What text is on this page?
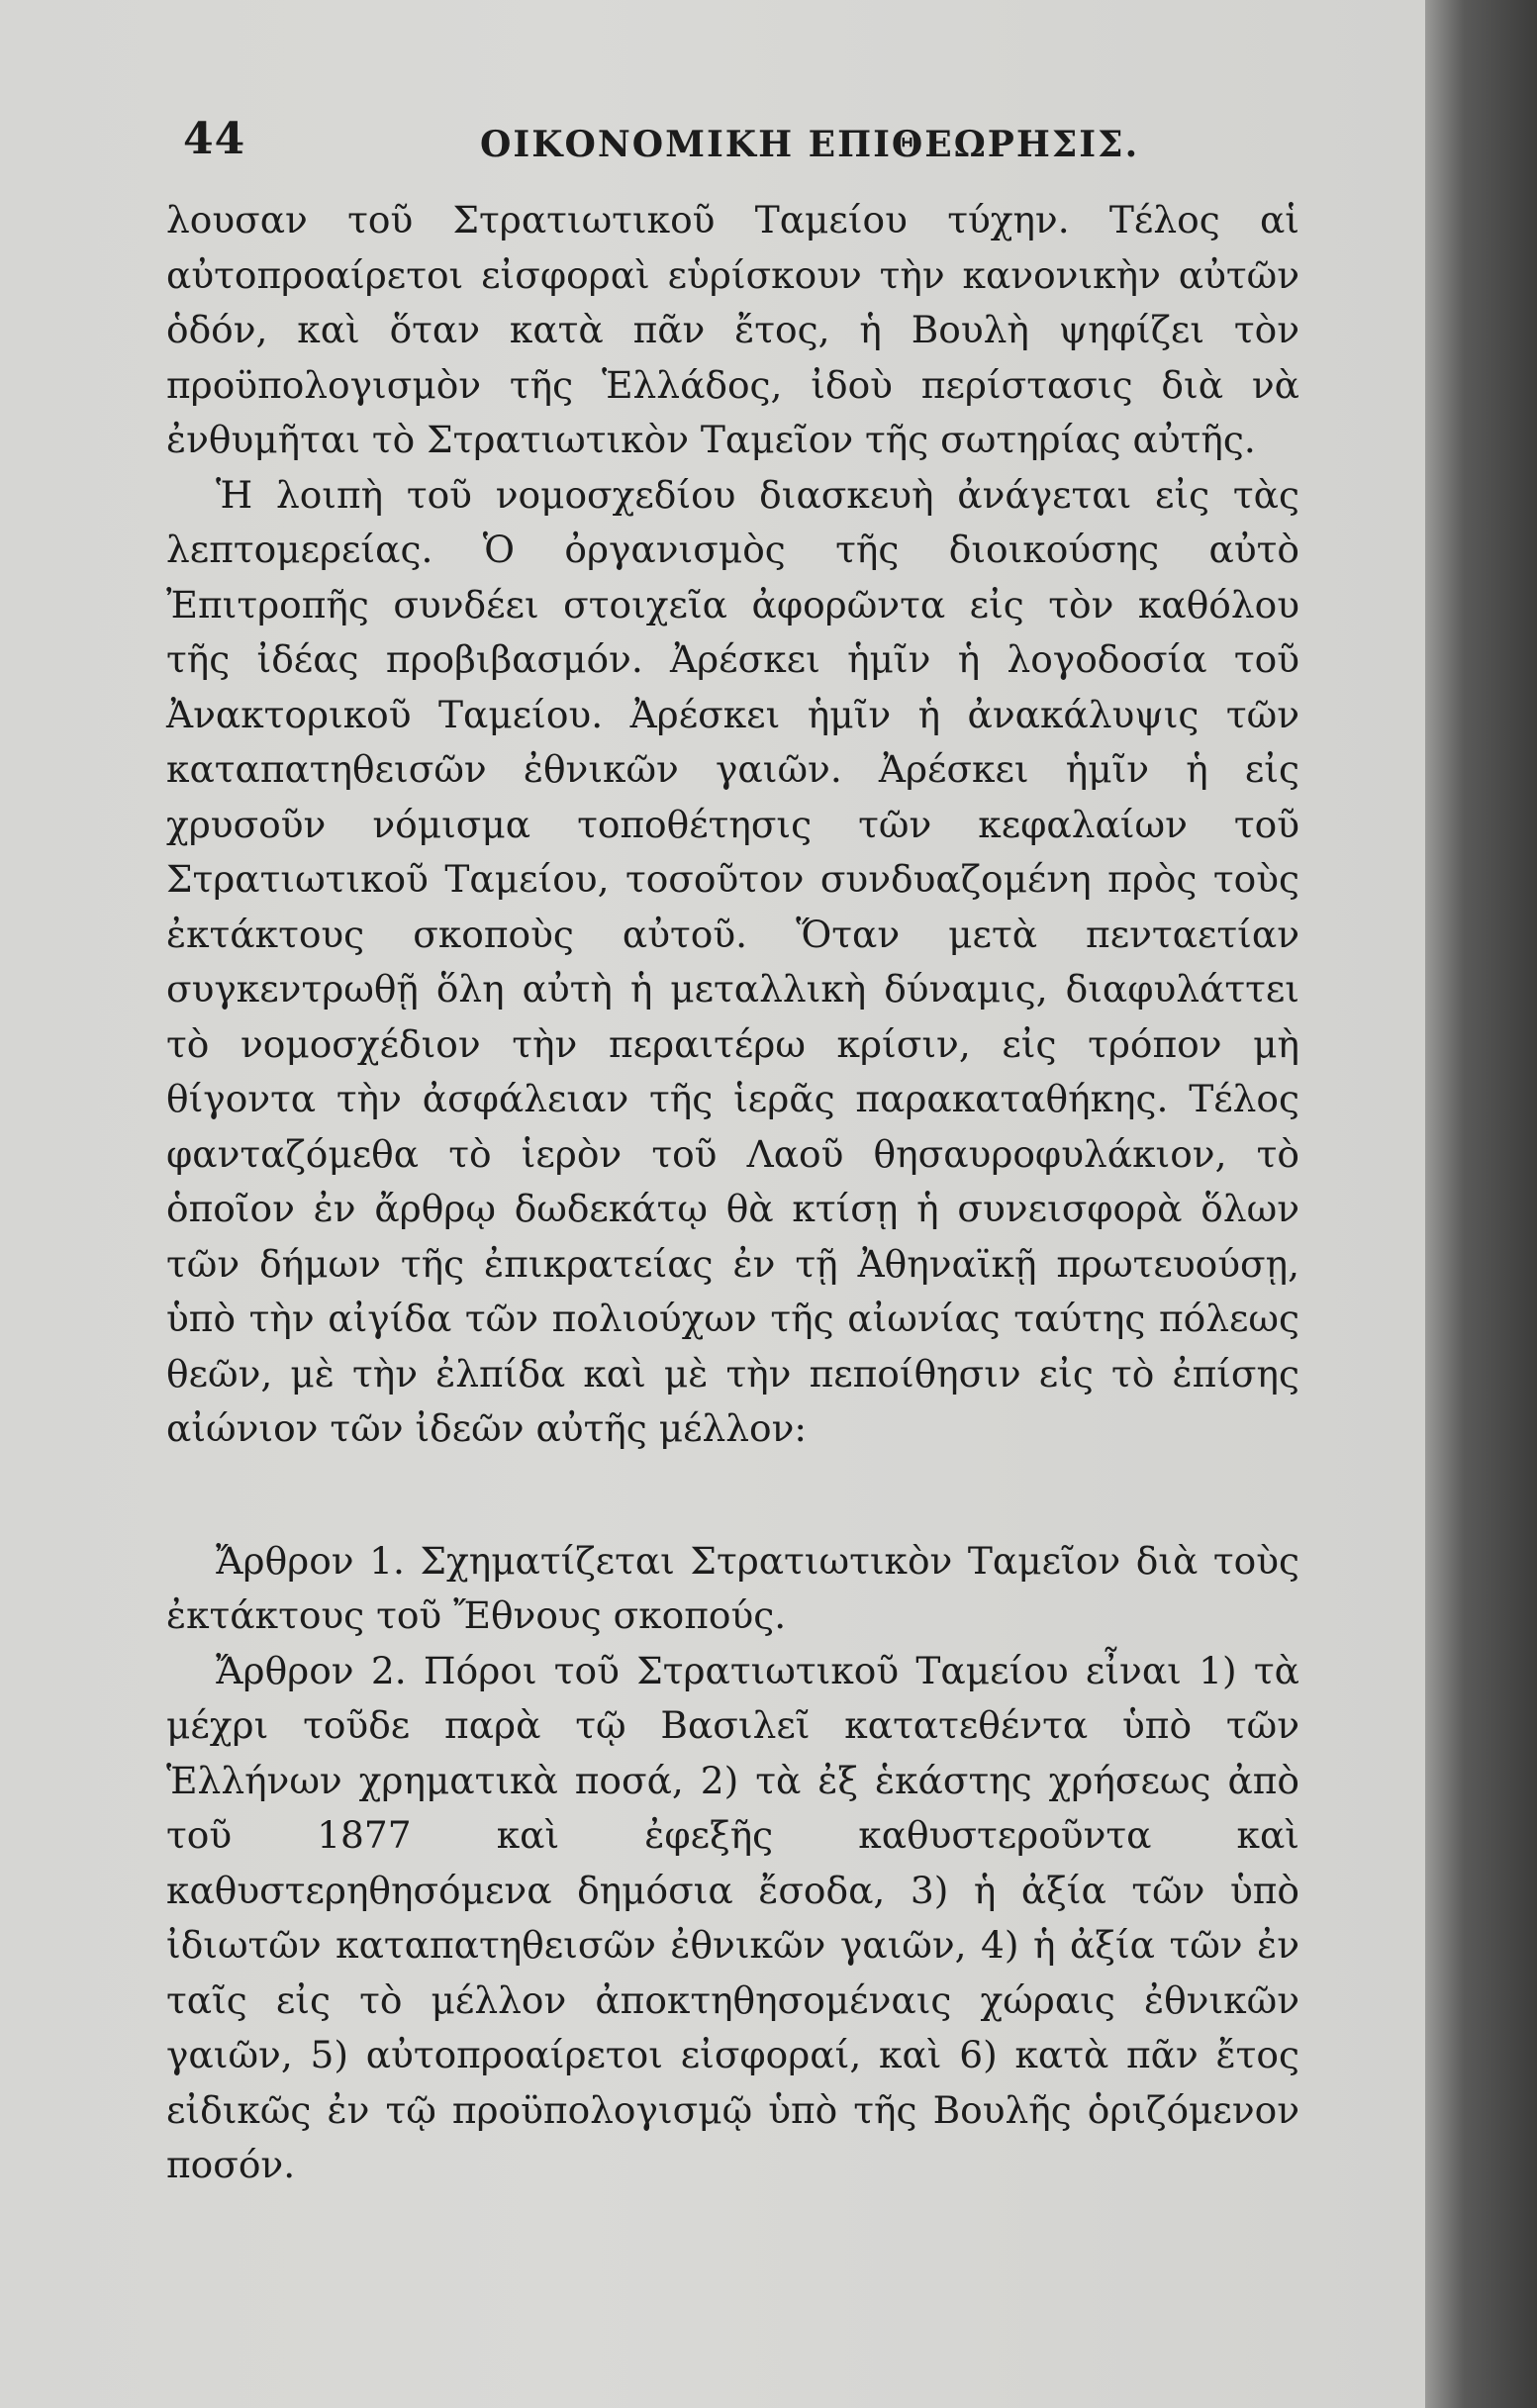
44	ΟΙΚΟΝΟΜΙΚΗ ΕΠΙΘΕΩΡΗΣΙΣ.

λουσαν τοῦ Στρατιωτικοῦ Ταμείου τύχην. Τέλος αἱ αὐτοπροαίρετοι εἰσφοραὶ εὑρίσκουν τὴν κανονικὴν αὐτῶν ὁδόν, καὶ ὅταν κατὰ πᾶν ἔτος, ἡ Βουλὴ ψηφίζει τὸν προϋπολογισμὸν τῆς Ἑλλάδος, ἰδοὺ περίστασις διὰ νὰ ἐνθυμῆται τὸ Στρατιωτικὸν Ταμεῖον τῆς σωτηρίας αὐτῆς.

Ἡ λοιπὴ τοῦ νομοσχεδίου διασκευὴ ἀνάγεται εἰς τὰς λεπτομερείας. Ὁ ὀργανισμὸς τῆς διοικούσης αὐτὸ Ἐπιτροπῆς συνδέει στοιχεῖα ἀφορῶντα εἰς τὸν καθόλου τῆς ἰδέας προβιβασμόν. Ἀρέσκει ἡμῖν ἡ λογοδοσία τοῦ Ἀνακτορικοῦ Ταμείου. Ἀρέσκει ἡμῖν ἡ ἀνακάλυψις τῶν καταπατηθεισῶν ἐθνικῶν γαιῶν. Ἀρέσκει ἡμῖν ἡ εἰς χρυσοῦν νόμισμα τοποθέτησις τῶν κεφαλαίων τοῦ Στρατιωτικοῦ Ταμείου, τοσοῦτον συνδυαζομένη πρὸς τοὺς ἐκτάκτους σκοποὺς αὐτοῦ. Ὅταν μετὰ πενταετίαν συγκεντρωθῇ ὅλη αὐτὴ ἡ μεταλλικὴ δύναμις, διαφυλάττει τὸ νομοσχέδιον τὴν περαιτέρω κρίσιν, εἰς τρόπον μὴ θίγοντα τὴν ἀσφάλειαν τῆς ἱερᾶς παρακαταθήκης. Τέλος φανταζόμεθα τὸ ἱερὸν τοῦ Λαοῦ θησαυροφυλάκιον, τὸ ὁποῖον ἐν ἄρθρῳ δωδεκάτῳ θὰ κτίσῃ ἡ συνεισφορὰ ὅλων τῶν δήμων τῆς ἐπικρατείας ἐν τῇ Ἀθηναϊκῇ πρωτευούσῃ, ὑπὸ τὴν αἰγίδα τῶν πολιούχων τῆς αἰωνίας ταύτης πόλεως θεῶν, μὲ τὴν ἐλπίδα καὶ μὲ τὴν πεποίθησιν εἰς τὸ ἐπίσης αἰώνιον τῶν ἰδεῶν αὐτῆς μέλλον:

Ἄρθρον 1. Σχηματίζεται Στρατιωτικὸν Ταμεῖον διὰ τοὺς ἐκτάκτους τοῦ Ἔθνους σκοπούς.

Ἄρθρον 2. Πόροι τοῦ Στρατιωτικοῦ Ταμείου εἶναι 1) τὰ μέχρι τοῦδε παρὰ τῷ Βασιλεῖ κατατεθέντα ὑπὸ τῶν Ἑλλήνων χρηματικὰ ποσά, 2) τὰ ἐξ ἑκάστης χρήσεως ἀπὸ τοῦ 1877 καὶ ἐφεξῆς καθυστεροῦντα καὶ καθυστερηθησόμενα δημόσια ἔσοδα, 3) ἡ ἀξία τῶν ὑπὸ ἰδιωτῶν καταπατηθεισῶν ἐθνικῶν γαιῶν, 4) ἡ ἀξία τῶν ἐν ταῖς εἰς τὸ μέλλον ἀποκτηθησομέναις χώραις ἐθνικῶν γαιῶν, 5) αὐτοπροαίρετοι εἰσφοραί, καὶ 6) κατὰ πᾶν ἔτος εἰδικῶς ἐν τῷ προϋπολογισμῷ ὑπὸ τῆς Βουλῆς ὁριζόμενον ποσόν.
